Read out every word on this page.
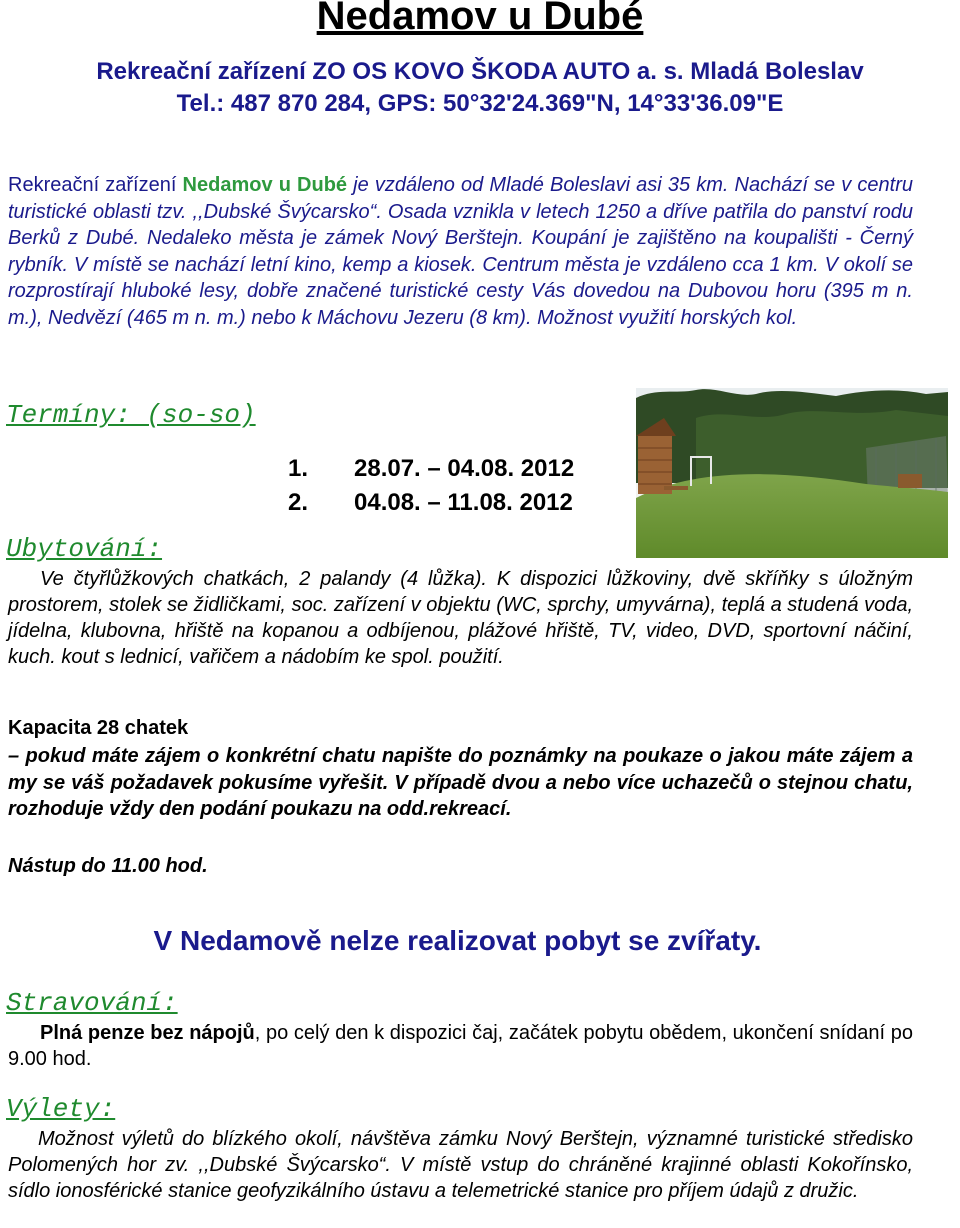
Nedamov u Dubé
Rekreační zařízení ZO OS KOVO ŠKODA AUTO a. s. Mladá Boleslav
Tel.: 487 870 284, GPS: 50°32'24.369"N, 14°33'36.09"E
Rekreační zařízení Nedamov u Dubé je vzdáleno od Mladé Boleslavi asi 35 km. Nachází se v centru turistické oblasti tzv. ,,Dubské Švýcarsko“. Osada vznikla v letech 1250 a dříve patřila do panství rodu Berků z Dubé. Nedaleko města je zámek Nový Berštejn. Koupání je zajištěno na koupališti - Černý rybník. V místě se nachází letní kino, kemp a kiosek. Centrum města je vzdáleno cca 1 km. V okolí se rozprostírají hluboké lesy, dobře značené turistické cesty Vás dovedou na Dubovou horu (395 m n. m.), Nedvězí (465 m n. m.) nebo k Máchovu Jezeru (8 km). Možnost využití horských kol.
Termíny: (so-so)
1. 28.07. – 04.08. 2012
2. 04.08. – 11.08. 2012
Ubytování:
Ve čtyřlůžkových chatkách, 2 palandy (4 lůžka). K dispozici lůžkoviny, dvě skříňky s úložným prostorem, stolek se židličkami, soc. zařízení v objektu (WC, sprchy, umyvárna), teplá a studená voda, jídelna, klubovna, hřiště na kopanou a odbíjenou, plážové hřiště, TV, video, DVD, sportovní náčiní, kuch. kout s lednicí, vařičem a nádobím ke spol. použití.
Kapacita 28 chatek
– pokud máte zájem o konkrétní chatu napište do poznámky na poukaze o jakou máte zájem a my se váš požadavek pokusíme vyřešit. V případě dvou a nebo více uchazečů o stejnou chatu, rozhoduje vždy den podání poukazu na odd.rekreací.
Nástup do 11.00 hod.
V Nedamově nelze realizovat pobyt se zvířaty.
Stravování:
Plná penze bez nápojů, po celý den k dispozici čaj, začátek pobytu obědem, ukončení snídaní po 9.00 hod.
Výlety:
Možnost výletů do blízkého okolí, návštěva zámku Nový Berštejn, významné turistické středisko Polomených hor zv. ,,Dubské Švýcarsko“. V místě vstup do chráněné krajinné oblasti Kokořínsko, sídlo ionosférické stanice geofyzikálního ústavu a telemetrické stanice pro příjem údajů z družic.
